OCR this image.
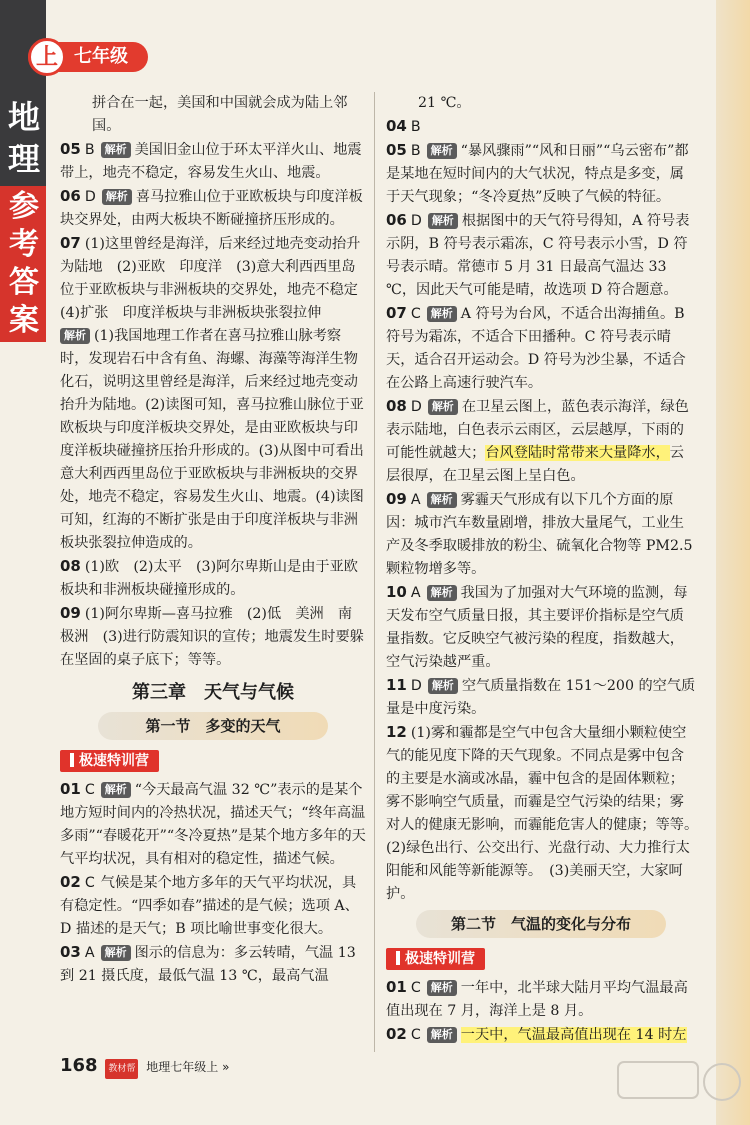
上 七年级
地
理
参
考
答
案

拼合在一起，美国和中国就会成为陆上邻国。

05 B 解析 美国旧金山位于环太平洋火山、地震带上，地壳不稳定，容易发生火山、地震。

06 D 解析 喜马拉雅山位于亚欧板块与印度洋板块交界处，由两大板块不断碰撞挤压形成的。

07 (1)这里曾经是海洋，后来经过地壳变动抬升为陆地　(2)亚欧　印度洋　(3)意大利西西里岛位于亚欧板块与非洲板块的交界处，地壳不稳定　(4)扩张　印度洋板块与非洲板块张裂拉伸
解析 (1)我国地理工作者在喜马拉雅山脉考察时，发现岩石中含有鱼、海螺、海藻等海洋生物化石，说明这里曾经是海洋，后来经过地壳变动抬升为陆地。(2)读图可知，喜马拉雅山脉位于亚欧板块与印度洋板块交界处，是由亚欧板块与印度洋板块碰撞挤压抬升形成的。(3)从图中可看出意大利西西里岛位于亚欧板块与非洲板块的交界处，地壳不稳定，容易发生火山、地震。(4)读图可知，红海的不断扩张是由于印度洋板块与非洲板块张裂拉伸造成的。

08 (1)欧　(2)太平　(3)阿尔卑斯山是由于亚欧板块和非洲板块碰撞形成的。

09 (1)阿尔卑斯—喜马拉雅　(2)低　美洲　南极洲　(3)进行防震知识的宣传；地震发生时要躲在坚固的桌子底下；等等。

第三章　天气与气候
第一节　多变的天气
极速特训营

01 C 解析 “今天最高气温 32 ℃”表示的是某个地方短时间内的冷热状况，描述天气；“终年高温多雨”“春暖花开”“冬冷夏热”是某个地方多年的天气平均状况，具有相对的稳定性，描述气候。

02 C 气候是某个地方多年的天气平均状况，具有稳定性。“四季如春”描述的是气候；选项 A、D 描述的是天气；B 项比喻世事变化很大。

03 A 解析 图示的信息为：多云转晴，气温 13 到 21 摄氏度，最低气温 13 ℃，最高气温

21 ℃。

04 B

05 B 解析 “暴风骤雨”“风和日丽”“乌云密布”都是某地在短时间内的大气状况，特点是多变，属于天气现象；“冬冷夏热”反映了气候的特征。

06 D 解析 根据图中的天气符号得知，A 符号表示阴，B 符号表示霜冻，C 符号表示小雪，D 符号表示晴。常德市 5 月 31 日最高气温达 33 ℃，因此天气可能是晴，故选项 D 符合题意。

07 C 解析 A 符号为台风，不适合出海捕鱼。B 符号为霜冻，不适合下田播种。C 符号表示晴天，适合召开运动会。D 符号为沙尘暴，不适合在公路上高速行驶汽车。

08 D 解析 在卫星云图上，蓝色表示海洋，绿色表示陆地，白色表示云雨区，云层越厚，下雨的可能性就越大；台风登陆时常带来大量降水，云层很厚，在卫星云图上呈白色。

09 A 解析 雾霾天气形成有以下几个方面的原因：城市汽车数量剧增，排放大量尾气，工业生产及冬季取暖排放的粉尘、硫氧化合物等 PM2.5 颗粒物增多等。

10 A 解析 我国为了加强对大气环境的监测，每天发布空气质量日报，其主要评价指标是空气质量指数。它反映空气被污染的程度，指数越大，空气污染越严重。

11 D 解析 空气质量指数在 151～200 的空气质量是中度污染。

12 (1)雾和霾都是空气中包含大量细小颗粒使空气的能见度下降的天气现象。不同点是雾中包含的主要是水滴或冰晶，霾中包含的是固体颗粒；雾不影响空气质量，而霾是空气污染的结果；雾对人的健康无影响，而霾能危害人的健康；等等。　(2)绿色出行、公交出行、光盘行动、大力推行太阳能和风能等新能源等。　(3)美丽天空，大家呵护。

第二节　气温的变化与分布
极速特训营

01 C 解析 一年中，北半球大陆月平均气温最高值出现在 7 月，海洋上是 8 月。

02 C 解析 一天中，气温最高值出现在 14 时左

168 教材帮 地理七年级上 »
